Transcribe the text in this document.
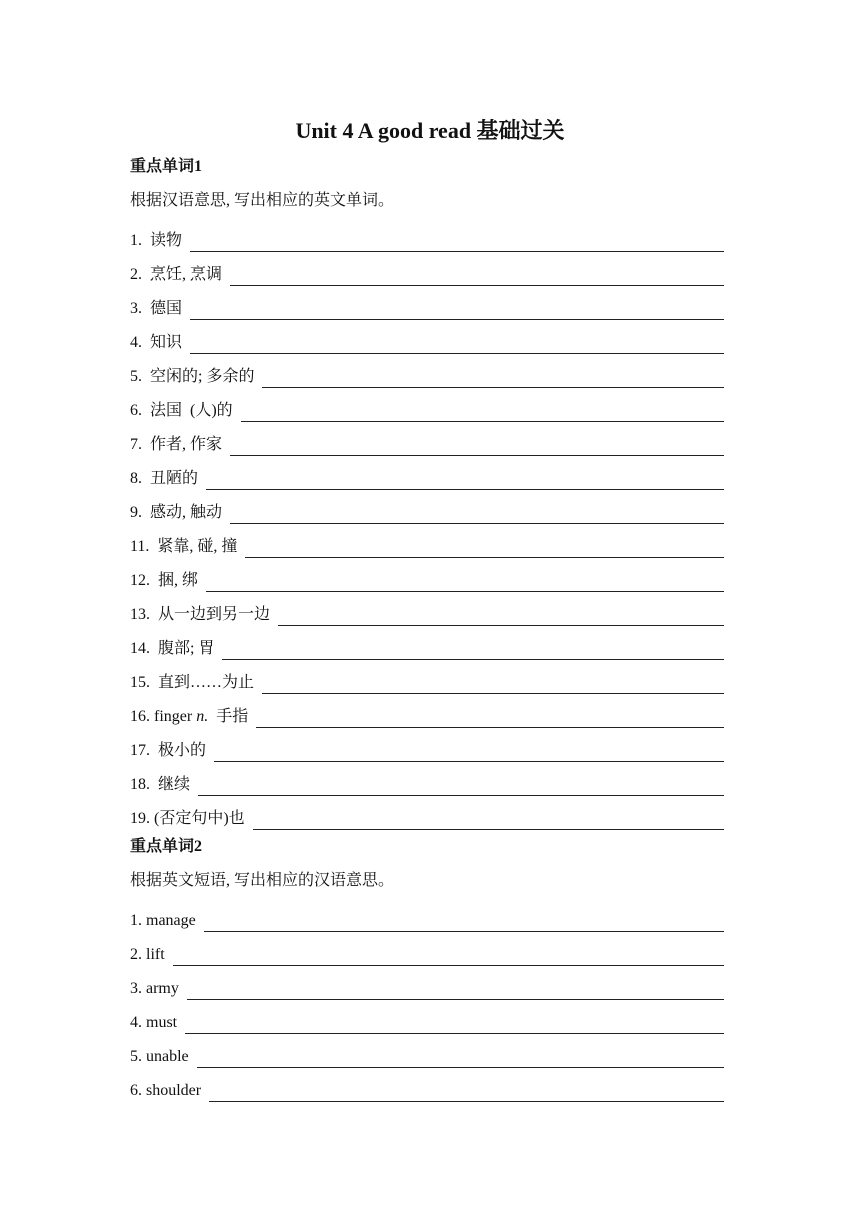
Unit 4 A good read 基础过关
重点单词1
根据汉语意思, 写出相应的英文单词。
1.  读物
2.  烹饪, 烹调
3.  德国
4.  知识
5.  空闲的; 多余的
6.  法国  (人)的
7.  作者, 作家
8.  丑陋的
9.  感动, 触动
11.  紧靠, 碰, 撞
12.  捆, 绑
13.  从一边到另一边
14.  腹部; 胃
15.  直到……为止
16. finger n.  手指
17.  极小的
18.  继续
19. (否定句中)也
重点单词2
根据英文短语, 写出相应的汉语意思。
1. manage
2. lift
3. army
4. must
5. unable
6. shoulder
